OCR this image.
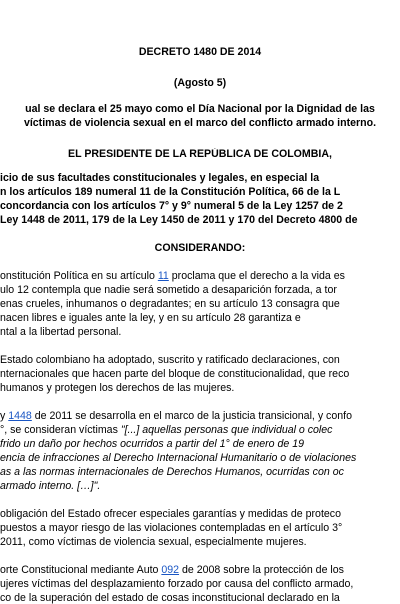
DECRETO 1480 DE 2014
(Agosto 5)
ual se declara el 25 mayo como el Día Nacional por la Dignidad de las
víctimas de violencia sexual en el marco del conflicto armado interno.
EL PRESIDENTE DE LA REPÚBLICA DE COLOMBIA,
icio de sus facultades constitucionales y legales, en especial la
n los artículos 189 numeral 11 de la Constitución Política, 66 de la L
concordancia con los artículos 7° y 9° numeral 5 de la Ley 1257 de 2
Ley 1448 de 2011, 179 de la Ley 1450 de 2011 y 170 del Decreto 4800 de
CONSIDERANDO:
onstitución Política en su artículo 11 proclama que el derecho a la vida es
ulo 12 contempla que nadie será sometido a desaparición forzada, a tor
enas crueles, inhumanos o degradantes; en su artículo 13 consagra que
nacen libres e iguales ante la ley, y en su artículo 28 garantiza e
ntal a la libertad personal.
Estado colombiano ha adoptado, suscrito y ratificado declaraciones, con
nternacionales que hacen parte del bloque de constitucionalidad, que reco
humanos y protegen los derechos de las mujeres.
y 1448 de 2011 se desarrolla en el marco de la justicia transicional, y confo
°, se consideran víctimas "[...] aquellas personas que individual o colec
frido un daño por hechos ocurridos a partir del 1° de enero de 19
encia de infracciones al Derecho Internacional Humanitario o de violaciones
as a las normas internacionales de Derechos Humanos, ocurridas con oc
armado interno. […]".
obligación del Estado ofrecer especiales garantías y medidas de proteco
puestos a mayor riesgo de las violaciones contempladas en el artículo 3°
2011, como víctimas de violencia sexual, especialmente mujeres.
orte Constitucional mediante Auto 092 de 2008 sobre la protección de los
ujeres víctimas del desplazamiento forzado por causa del conflicto armado,
co de la superación del estado de cosas inconstitucional declarado en la
